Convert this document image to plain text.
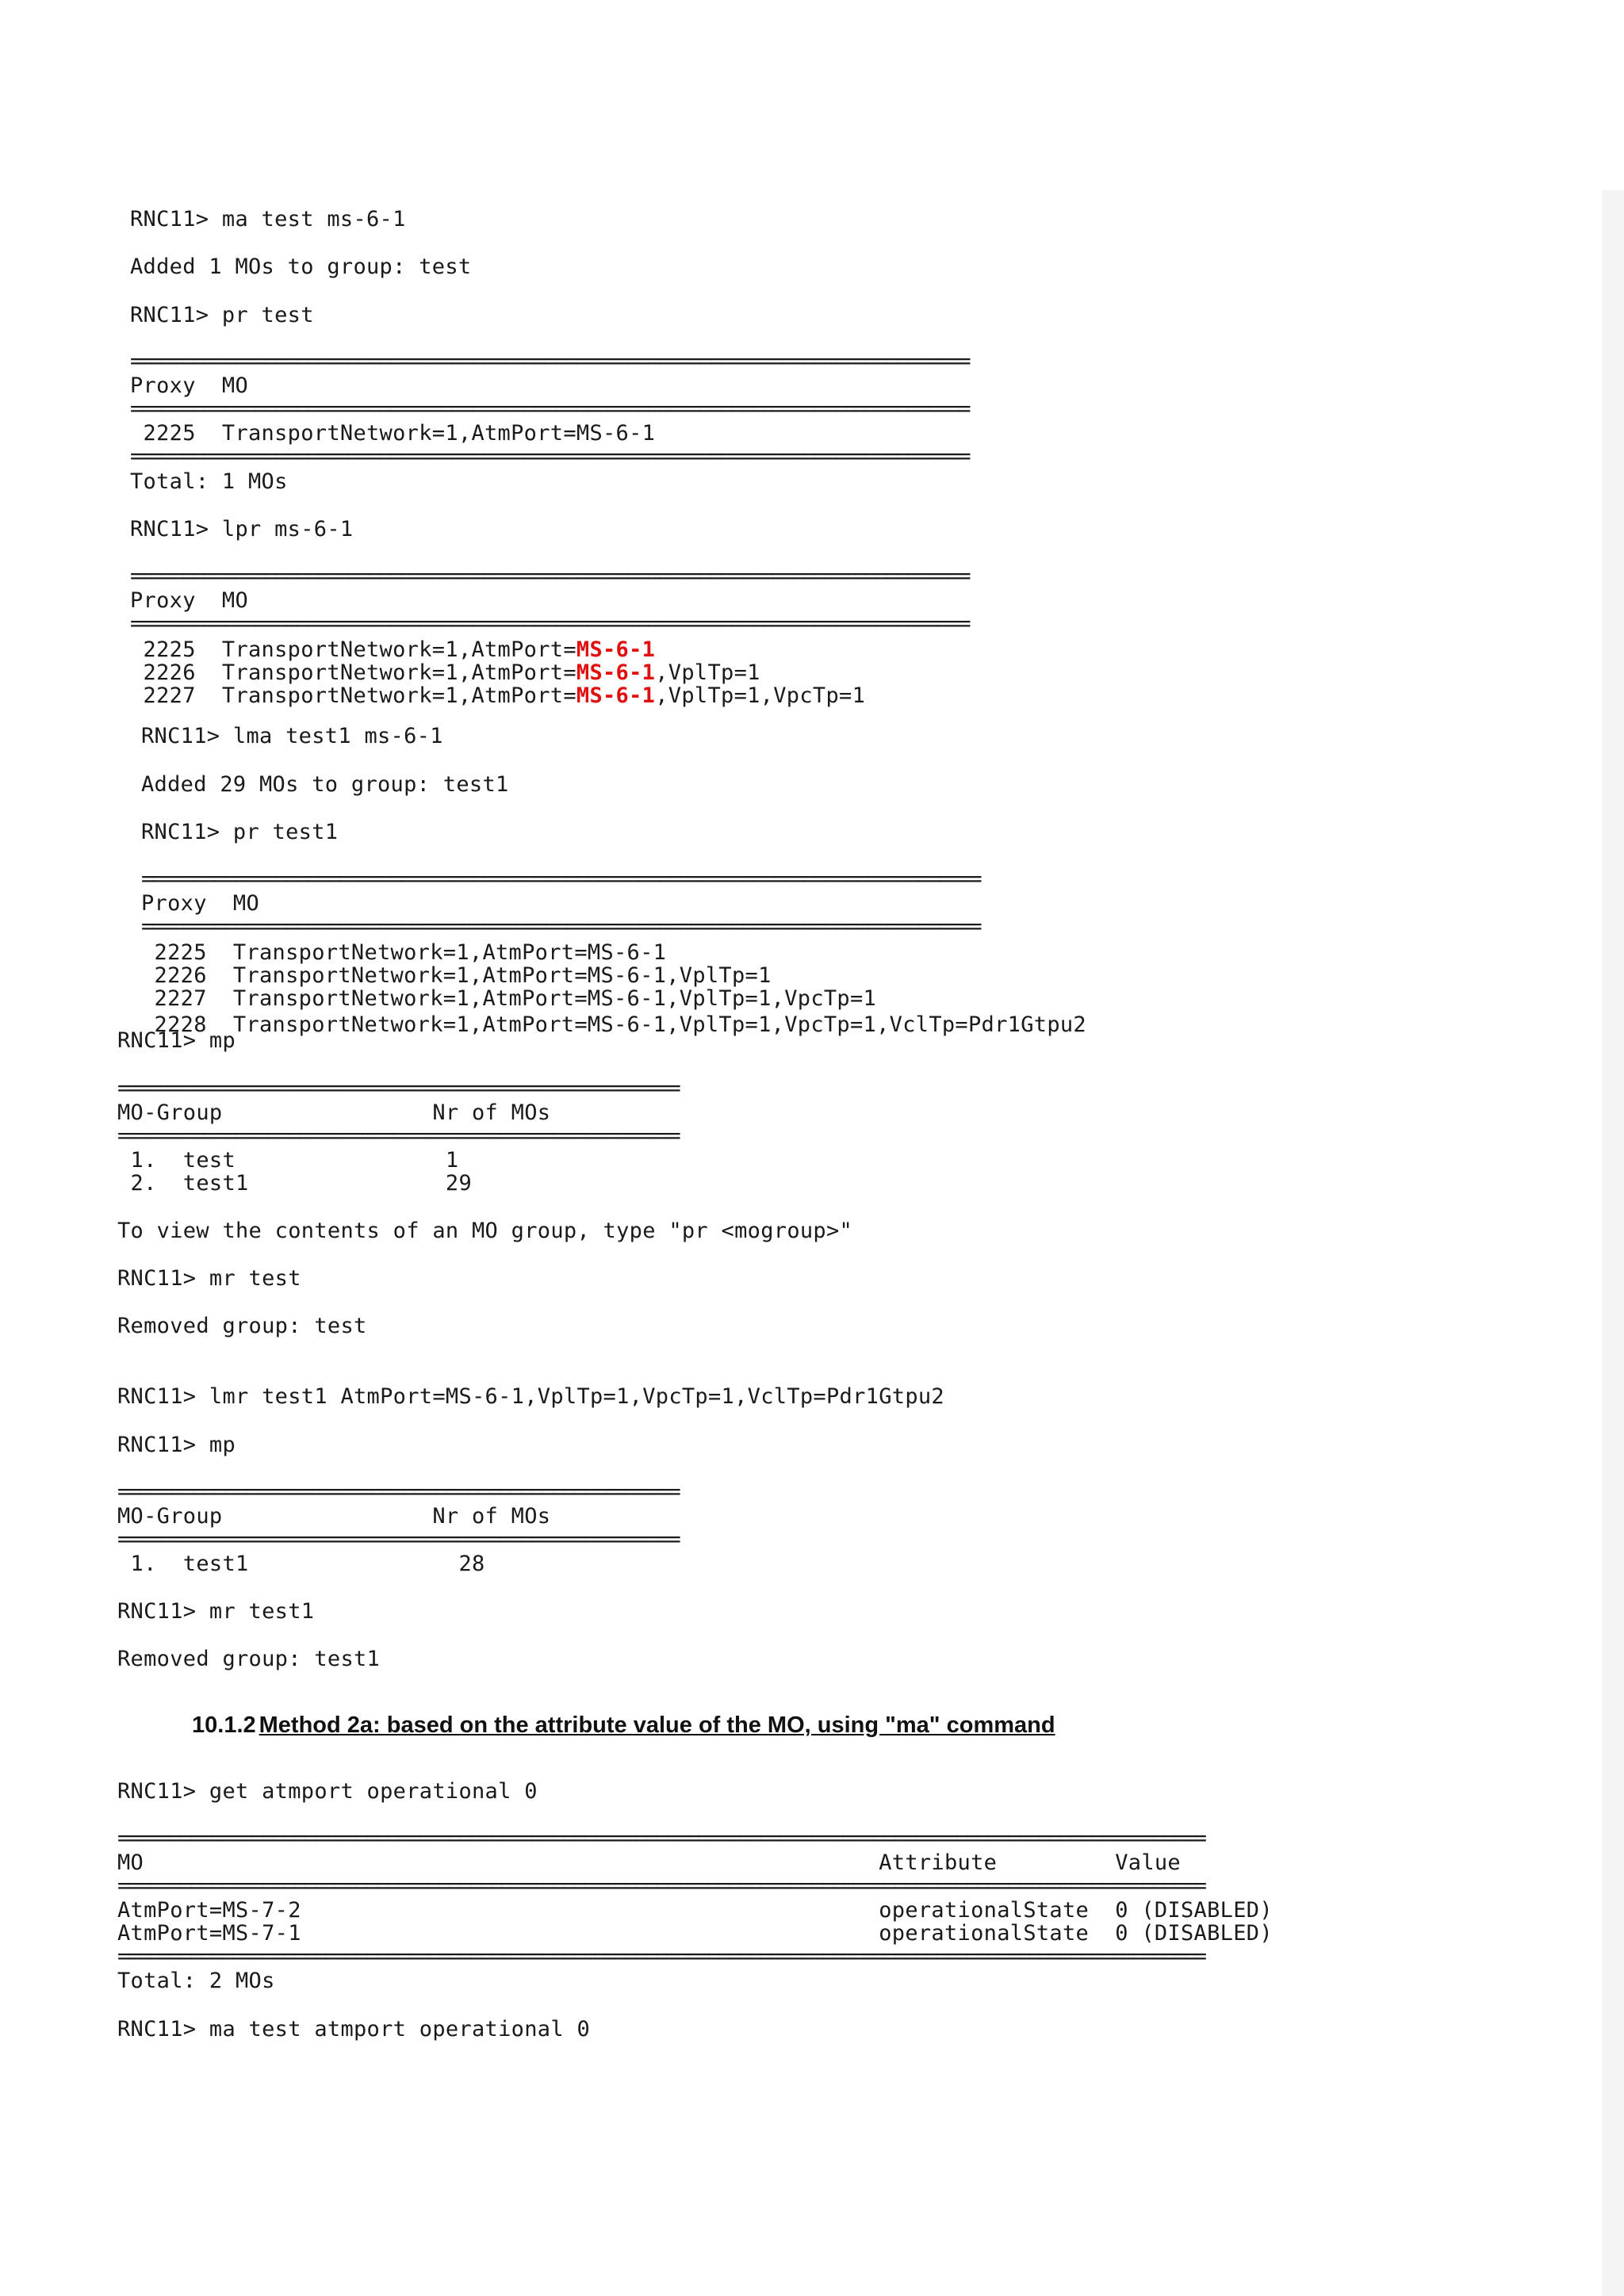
RNC11> ma test ms-6-1
Added 1 MOs to group: test
RNC11> pr test
=================================================================================
Proxy  MO
=================================================================================
2225  TransportNetwork=1,AtmPort=MS-6-1
=================================================================================
Total: 1 MOs
RNC11> lpr ms-6-1
=================================================================================
Proxy  MO
=================================================================================
2225  TransportNetwork=1,AtmPort=MS-6-1
2226  TransportNetwork=1,AtmPort=MS-6-1,VplTp=1
2227  TransportNetwork=1,AtmPort=MS-6-1,VplTp=1,VpcTp=1
RNC11> lma test1 ms-6-1
Added 29 MOs to group: test1
RNC11> pr test1
=================================================================================
Proxy  MO
=================================================================================
2225  TransportNetwork=1,AtmPort=MS-6-1
2226  TransportNetwork=1,AtmPort=MS-6-1,VplTp=1
2227  TransportNetwork=1,AtmPort=MS-6-1,VplTp=1,VpcTp=1
2228  TransportNetwork=1,AtmPort=MS-6-1,VplTp=1,VpcTp=1,VclTp=Pdr1Gtpu2
RNC11> mp
=====================================================
MO-Group                Nr of MOs
=====================================================
1.  test                1
2.  test1               29
To view the contents of an MO group, type "pr <mogroup>"
RNC11> mr test
Removed group: test
RNC11> lmr test1 AtmPort=MS-6-1,VplTp=1,VpcTp=1,VclTp=Pdr1Gtpu2
RNC11> mp
=====================================================
MO-Group                Nr of MOs
=====================================================
1.  test1                28
RNC11> mr test1
Removed group: test1
10.1.2 Method 2a: based on the attribute value of the MO, using "ma" command
RNC11> get atmport operational 0
=========================================================================================================
MO                                                        Attribute         Value
=========================================================================================================
AtmPort=MS-7-2                                            operationalState  0 (DISABLED)
AtmPort=MS-7-1                                            operationalState  0 (DISABLED)
=========================================================================================================
Total: 2 MOs
RNC11> ma test atmport operational 0
